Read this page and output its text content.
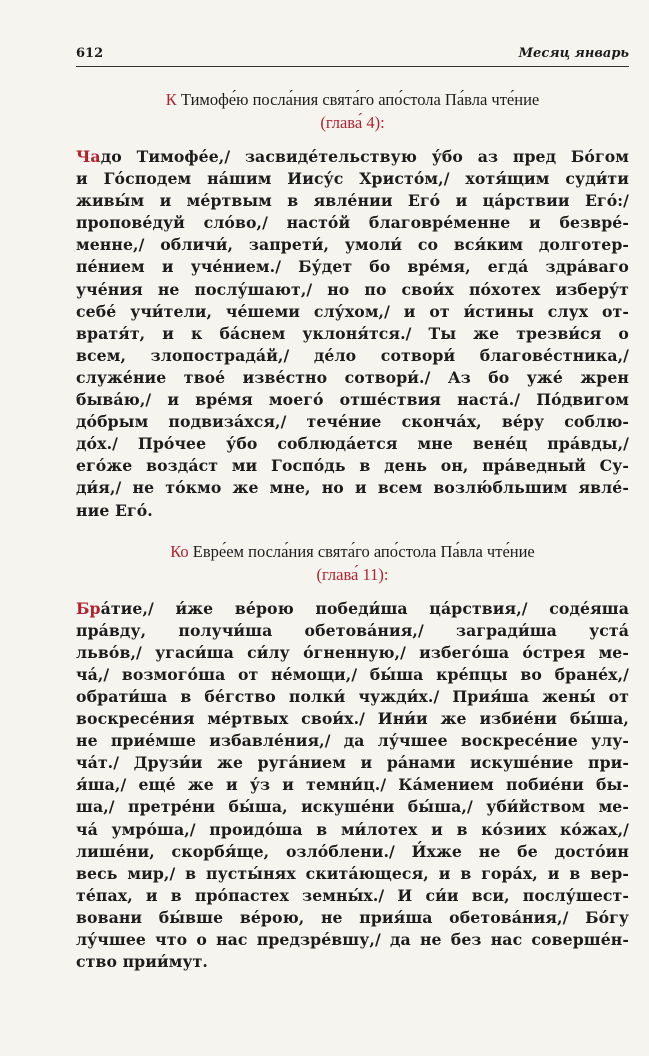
612	Месяц январь

К Тимофе́ю посла́ния свята́го апо́стола Па́вла чте́ние

(глава́ 4):

Чадо Тимофе́е,/ засвиде́тельствую у́бо аз пред Бо́гом
и Го́сподем на́шим Иису́с Христо́м,/ хотя́щим суди́ти
живы́м и ме́ртвым в явле́нии Его́ и ца́рствии Его́:/
пропове́дуй сло́во,/ насто́й благовре́менне и безвре́-
менне,/ обличи́, запрети́, умоли́ со вся́ким долготер-
пе́нием и уче́нием./ Бу́дет бо вре́мя, егда́ здра́ваго
уче́ния не послу́шают,/ но по свои́х по́хотех изберу́т
себе́ учи́тели, че́шеми слу́хом,/ и от и́стины слух от-
вратя́т, и к ба́снем уклоня́тся./ Ты же трезви́ся о
всем, злопострада́й,/ де́ло сотвори́ благове́стника,/
служе́ние твое́ изве́стно сотвори́./ Аз бо уже́ жрен
быва́ю,/ и вре́мя моего́ отше́ствия наста́./ По́двигом
до́брым подвиза́хся,/ тече́ние сконча́х, ве́ру соблю-
до́х./ Про́чее у́бо соблюда́ется мне вене́ц пра́вды,/
его́же возда́ст ми Госпо́дь в день он, пра́ведный Су-
ди́я,/ не то́кмо же мне, но и всем возлю́бльшим явле́-
ние Его́.

Ко Евре́ем посла́ния свята́го апо́стола Па́вла чте́ние

(глава́ 11):

Бра́тие,/ и́же ве́рою победи́ша ца́рствия,/ соде́яша
пра́вду, получи́ша обетова́ния,/ загради́ша уста́
льво́в,/ угаси́ша си́лу о́гненную,/ избего́ша о́стрея ме-
ча́,/ возмого́ша от не́мощи,/ бы́ша кре́пцы во бране́х,/
обрати́ша в бе́гство полки́ чужди́х./ Прия́ша жены́ от
воскресе́ния ме́ртвых свои́х./ Ини́и же избие́ни бы́ша,
не прие́мше избавле́ния,/ да лу́чшее воскресе́ние улу-
ча́т./ Друзи́и же руга́нием и ра́нами искуше́ние при-
я́ша,/ еще́ же и у́з и темни́ц./ Ка́мением побие́ни бы-
ша,/ претре́ни бы́ша, искуше́ни бы́ша,/ уби́йством ме-
ча́ умро́ша,/ проидо́ша в ми́лотех и в ко́зиих ко́жах,/
лише́ни, скорбя́ще, озло́блени./ И́хже не бе досто́ин
весь мир,/ в пусты́нях скита́ющеся, и в гора́х, и в вер-
те́пах, и в про́пастех земны́х./ И си́и вси, послу́шест-
вовани бы́вше ве́рою, не прия́ша обетова́ния,/ Бо́гу
лу́чшее что о нас предзре́вшу,/ да не без нас соверше́н-
ство прии́мут.
